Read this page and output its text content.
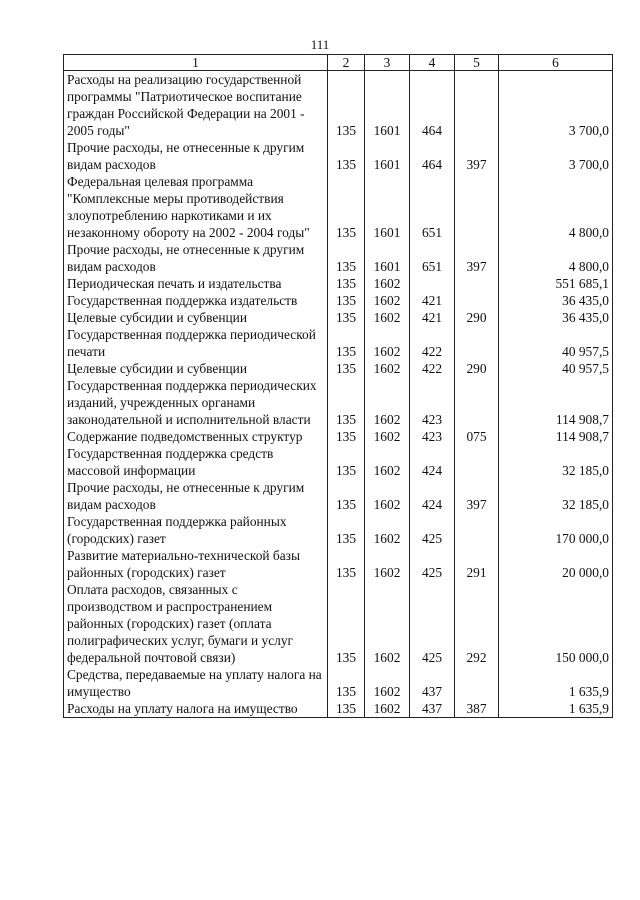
111
1	2	3	4	5	6
Расходы на реализацию государственной программы "Патриотическое воспитание граждан Российской Федерации на 2001 - 2005 годы"	135	1601	464		3 700,0
Прочие расходы, не отнесенные к другим видам расходов	135	1601	464	397	3 700,0
Федеральная целевая программа "Комплексные меры противодействия злоупотреблению наркотиками и их незаконному обороту на 2002 - 2004 годы"	135	1601	651		4 800,0
Прочие расходы, не отнесенные к другим видам расходов	135	1601	651	397	4 800,0
Периодическая печать и издательства	135	1602			551 685,1
Государственная поддержка издательств	135	1602	421		36 435,0
Целевые субсидии и субвенции	135	1602	421	290	36 435,0
Государственная поддержка периодической печати	135	1602	422		40 957,5
Целевые субсидии и субвенции	135	1602	422	290	40 957,5
Государственная поддержка периодических изданий, учрежденных органами законодательной и исполнительной власти	135	1602	423		114 908,7
Содержание подведомственных структур	135	1602	423	075	114 908,7
Государственная поддержка средств массовой информации	135	1602	424		32 185,0
Прочие расходы, не отнесенные к другим видам расходов	135	1602	424	397	32 185,0
Государственная поддержка районных (городских) газет	135	1602	425		170 000,0
Развитие материально-технической базы районных (городских) газет	135	1602	425	291	20 000,0
Оплата расходов, связанных с производством и распространением районных (городских) газет (оплата полиграфических услуг, бумаги и услуг федеральной почтовой связи)	135	1602	425	292	150 000,0
Средства, передаваемые на уплату налога на имущество	135	1602	437		1 635,9
Расходы на уплату налога на имущество	135	1602	437	387	1 635,9
